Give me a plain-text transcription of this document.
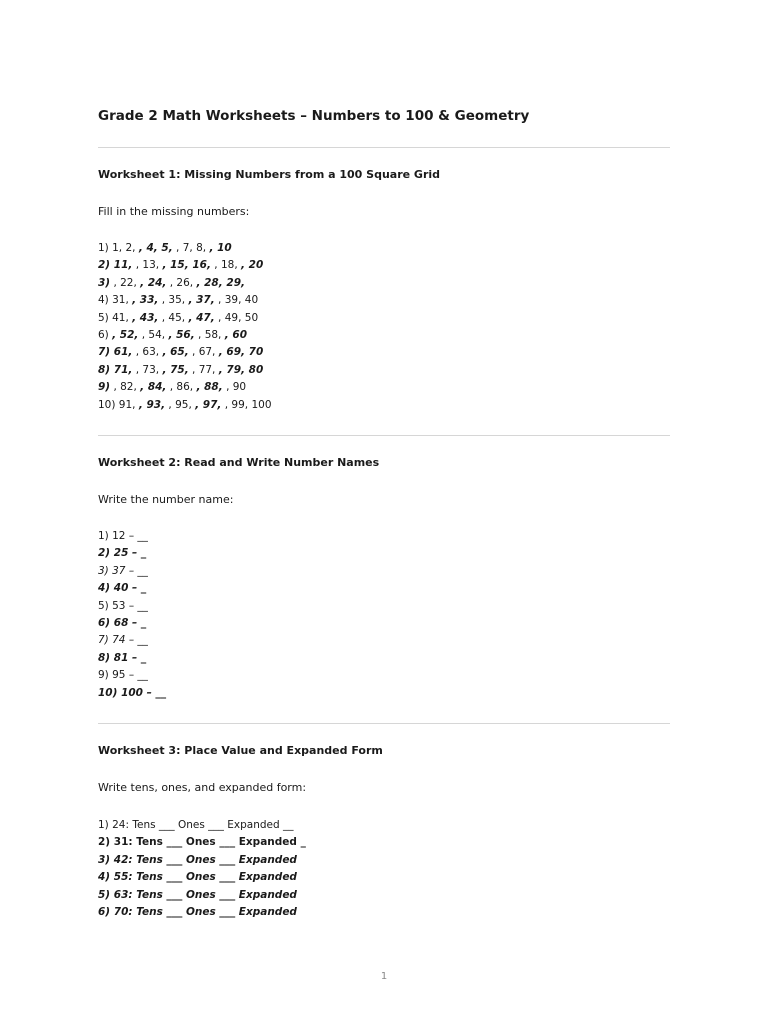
Grade 2 Math Worksheets – Numbers to 100 & Geometry
Worksheet 1: Missing Numbers from a 100 Square Grid

Fill in the missing numbers:

1) 1, 2, , 4, 5, , 7, 8, , 10
2) 11, , 13, , 15, 16, , 18, , 20
3) , 22, , 24, , 26, , 28, 29,
4) 31, , 33, , 35, , 37, , 39, 40
5) 41, , 43, , 45, , 47, , 49, 50
6) , 52, , 54, , 56, , 58, , 60
7) 61, , 63, , 65, , 67, , 69, 70
8) 71, , 73, , 75, , 77, , 79, 80
9) , 82, , 84, , 86, , 88, , 90
10) 91, , 93, , 95, , 97, , 99, 100
Worksheet 2: Read and Write Number Names

Write the number name:

1) 12 – __
2) 25 – _
3) 37 – __
4) 40 – _
5) 53 – __
6) 68 – _
7) 74 – __
8) 81 – _
9) 95 – __
10) 100 – __
Worksheet 3: Place Value and Expanded Form

Write tens, ones, and expanded form:

1) 24: Tens ___ Ones ___ Expanded __
2) 31: Tens ___ Ones ___ Expanded _
3) 42: Tens ___ Ones ___ Expanded
4) 55: Tens ___ Ones ___ Expanded
5) 63: Tens ___ Ones ___ Expanded
6) 70: Tens ___ Ones ___ Expanded
1
